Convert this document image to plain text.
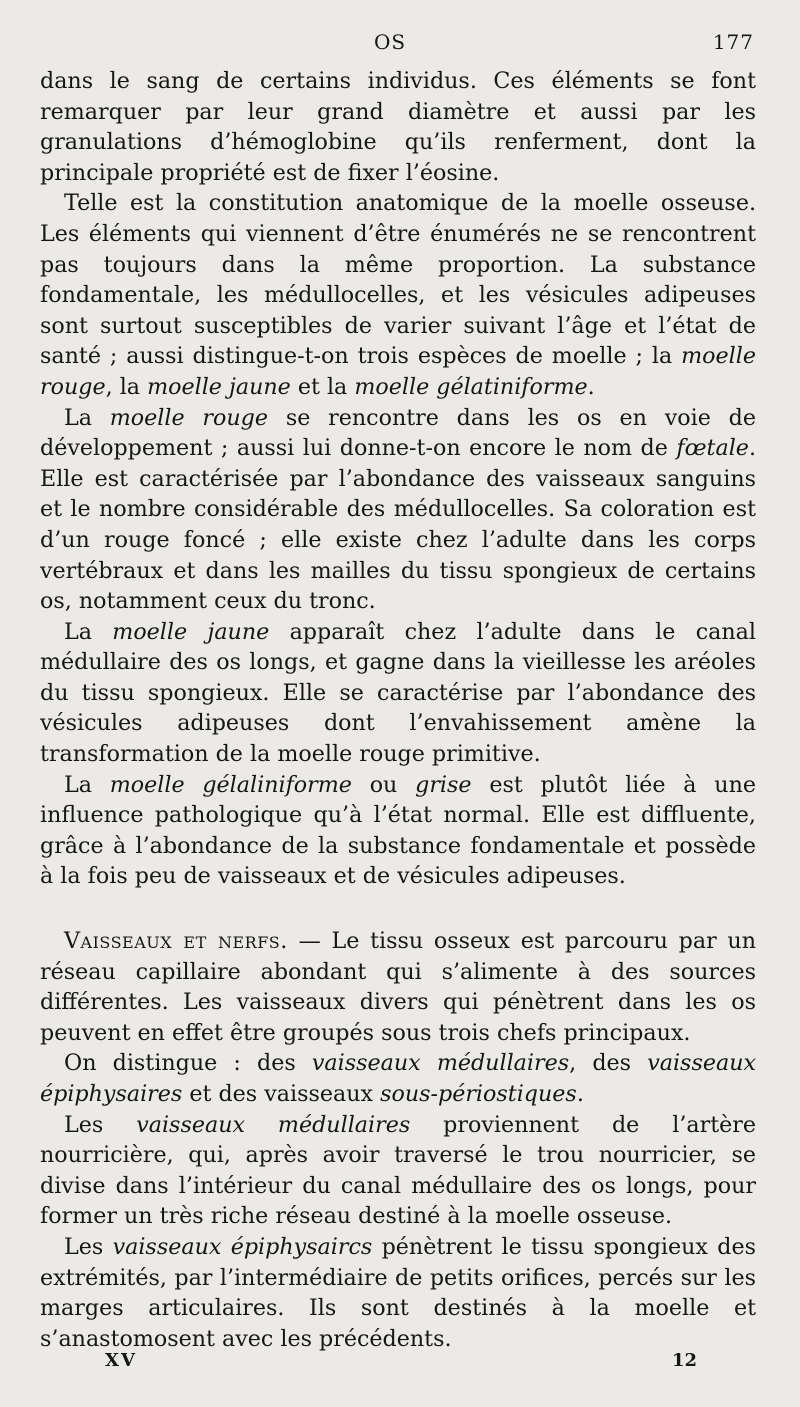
OS	177

dans le sang de certains individus. Ces éléments se font remarquer par leur grand diamètre et aussi par les granulations d’hémoglobine qu’ils renferment, dont la principale propriété est de fixer l’éosine.

Telle est la constitution anatomique de la moelle osseuse. Les éléments qui viennent d’être énumérés ne se rencontrent pas toujours dans la même proportion. La substance fondamentale, les médullocelles, et les vésicules adipeuses sont surtout susceptibles de varier suivant l’âge et l’état de santé ; aussi distingue-t-on trois espèces de moelle ; la moelle rouge, la moelle jaune et la moelle gélatiniforme.

La moelle rouge se rencontre dans les os en voie de développement ; aussi lui donne-t-on encore le nom de fœtale. Elle est caractérisée par l’abondance des vaisseaux sanguins et le nombre considérable des médullocelles. Sa coloration est d’un rouge foncé ; elle existe chez l’adulte dans les corps vertébraux et dans les mailles du tissu spongieux de certains os, notamment ceux du tronc.

La moelle jaune apparaît chez l’adulte dans le canal médullaire des os longs, et gagne dans la vieillesse les aréoles du tissu spongieux. Elle se caractérise par l’abondance des vésicules adipeuses dont l’envahissement amène la transformation de la moelle rouge primitive.

La moelle gélaliniforme ou grise est plutôt liée à une influence pathologique qu’à l’état normal. Elle est diffluente, grâce à l’abondance de la substance fondamentale et possède à la fois peu de vaisseaux et de vésicules adipeuses.

Vaisseaux et nerfs. — Le tissu osseux est parcouru par un réseau capillaire abondant qui s’alimente à des sources différentes. Les vaisseaux divers qui pénètrent dans les os peuvent en effet être groupés sous trois chefs principaux.

On distingue : des vaisseaux médullaires, des vaisseaux épiphysaires et des vaisseaux sous-périostiques.

Les vaisseaux médullaires proviennent de l’artère nourricière, qui, après avoir traversé le trou nourricier, se divise dans l’intérieur du canal médullaire des os longs, pour former un très riche réseau destiné à la moelle osseuse.

Les vaisseaux épiphysaircs pénètrent le tissu spongieux des extrémités, par l’intermédiaire de petits orifices, percés sur les marges articulaires. Ils sont destinés à la moelle et s’anastomosent avec les précédents.

XV	12
